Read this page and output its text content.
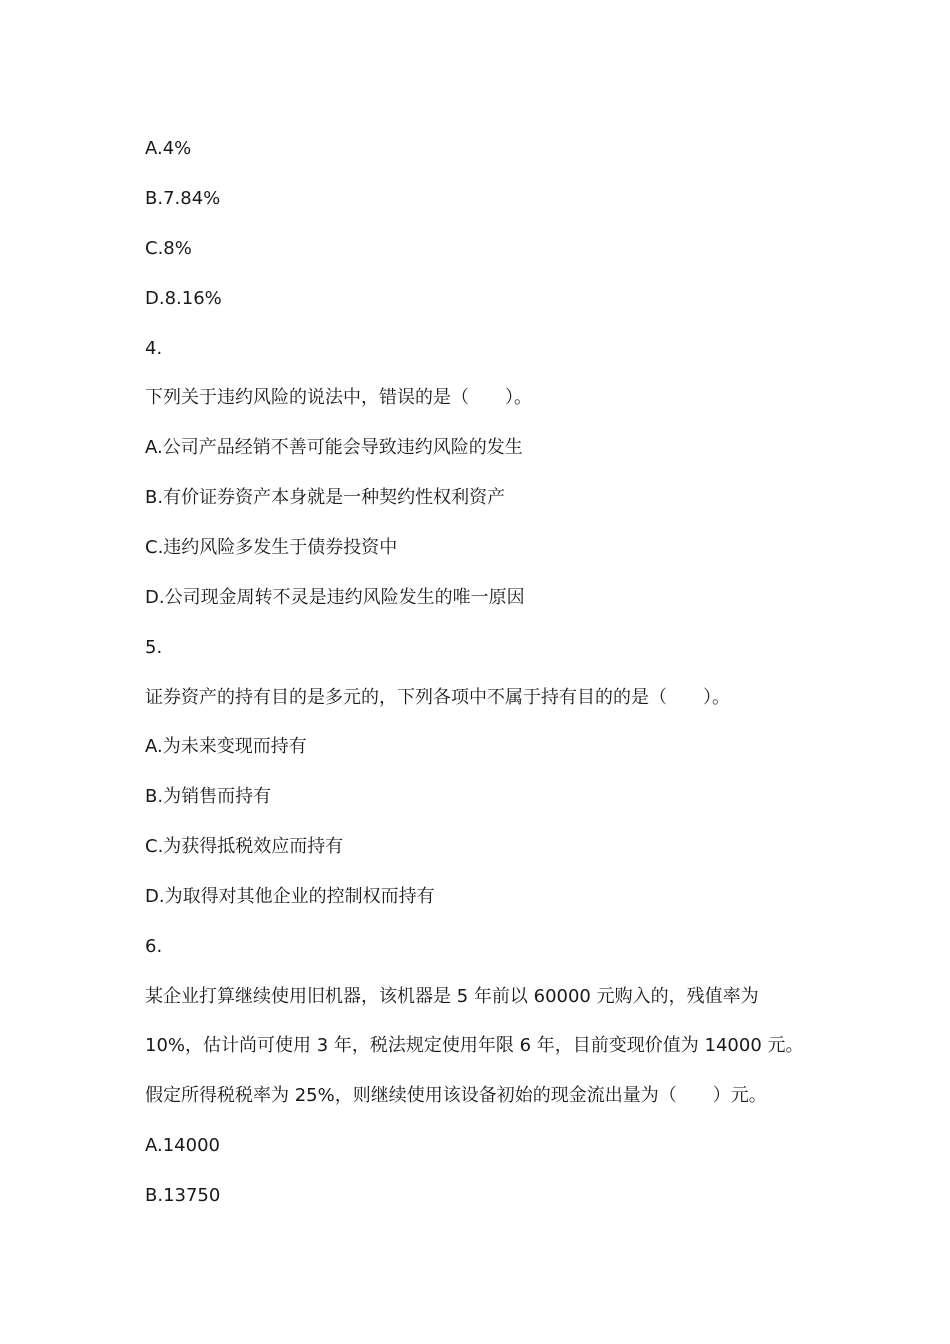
A.4%
B.7.84%
C.8%
D.8.16%
4.
下列关于违约风险的说法中，错误的是（　　）。
A.公司产品经销不善可能会导致违约风险的发生
B.有价证券资产本身就是一种契约性权利资产
C.违约风险多发生于债券投资中
D.公司现金周转不灵是违约风险发生的唯一原因
5.
证券资产的持有目的是多元的，下列各项中不属于持有目的的是（　　）。
A.为未来变现而持有
B.为销售而持有
C.为获得抵税效应而持有
D.为取得对其他企业的控制权而持有
6.
某企业打算继续使用旧机器，该机器是 5 年前以 60000 元购入的，残值率为
10%，估计尚可使用 3 年，税法规定使用年限 6 年，目前变现价值为 14000 元。
假定所得税税率为 25%，则继续使用该设备初始的现金流出量为（　　）元。
A.14000
B.13750
